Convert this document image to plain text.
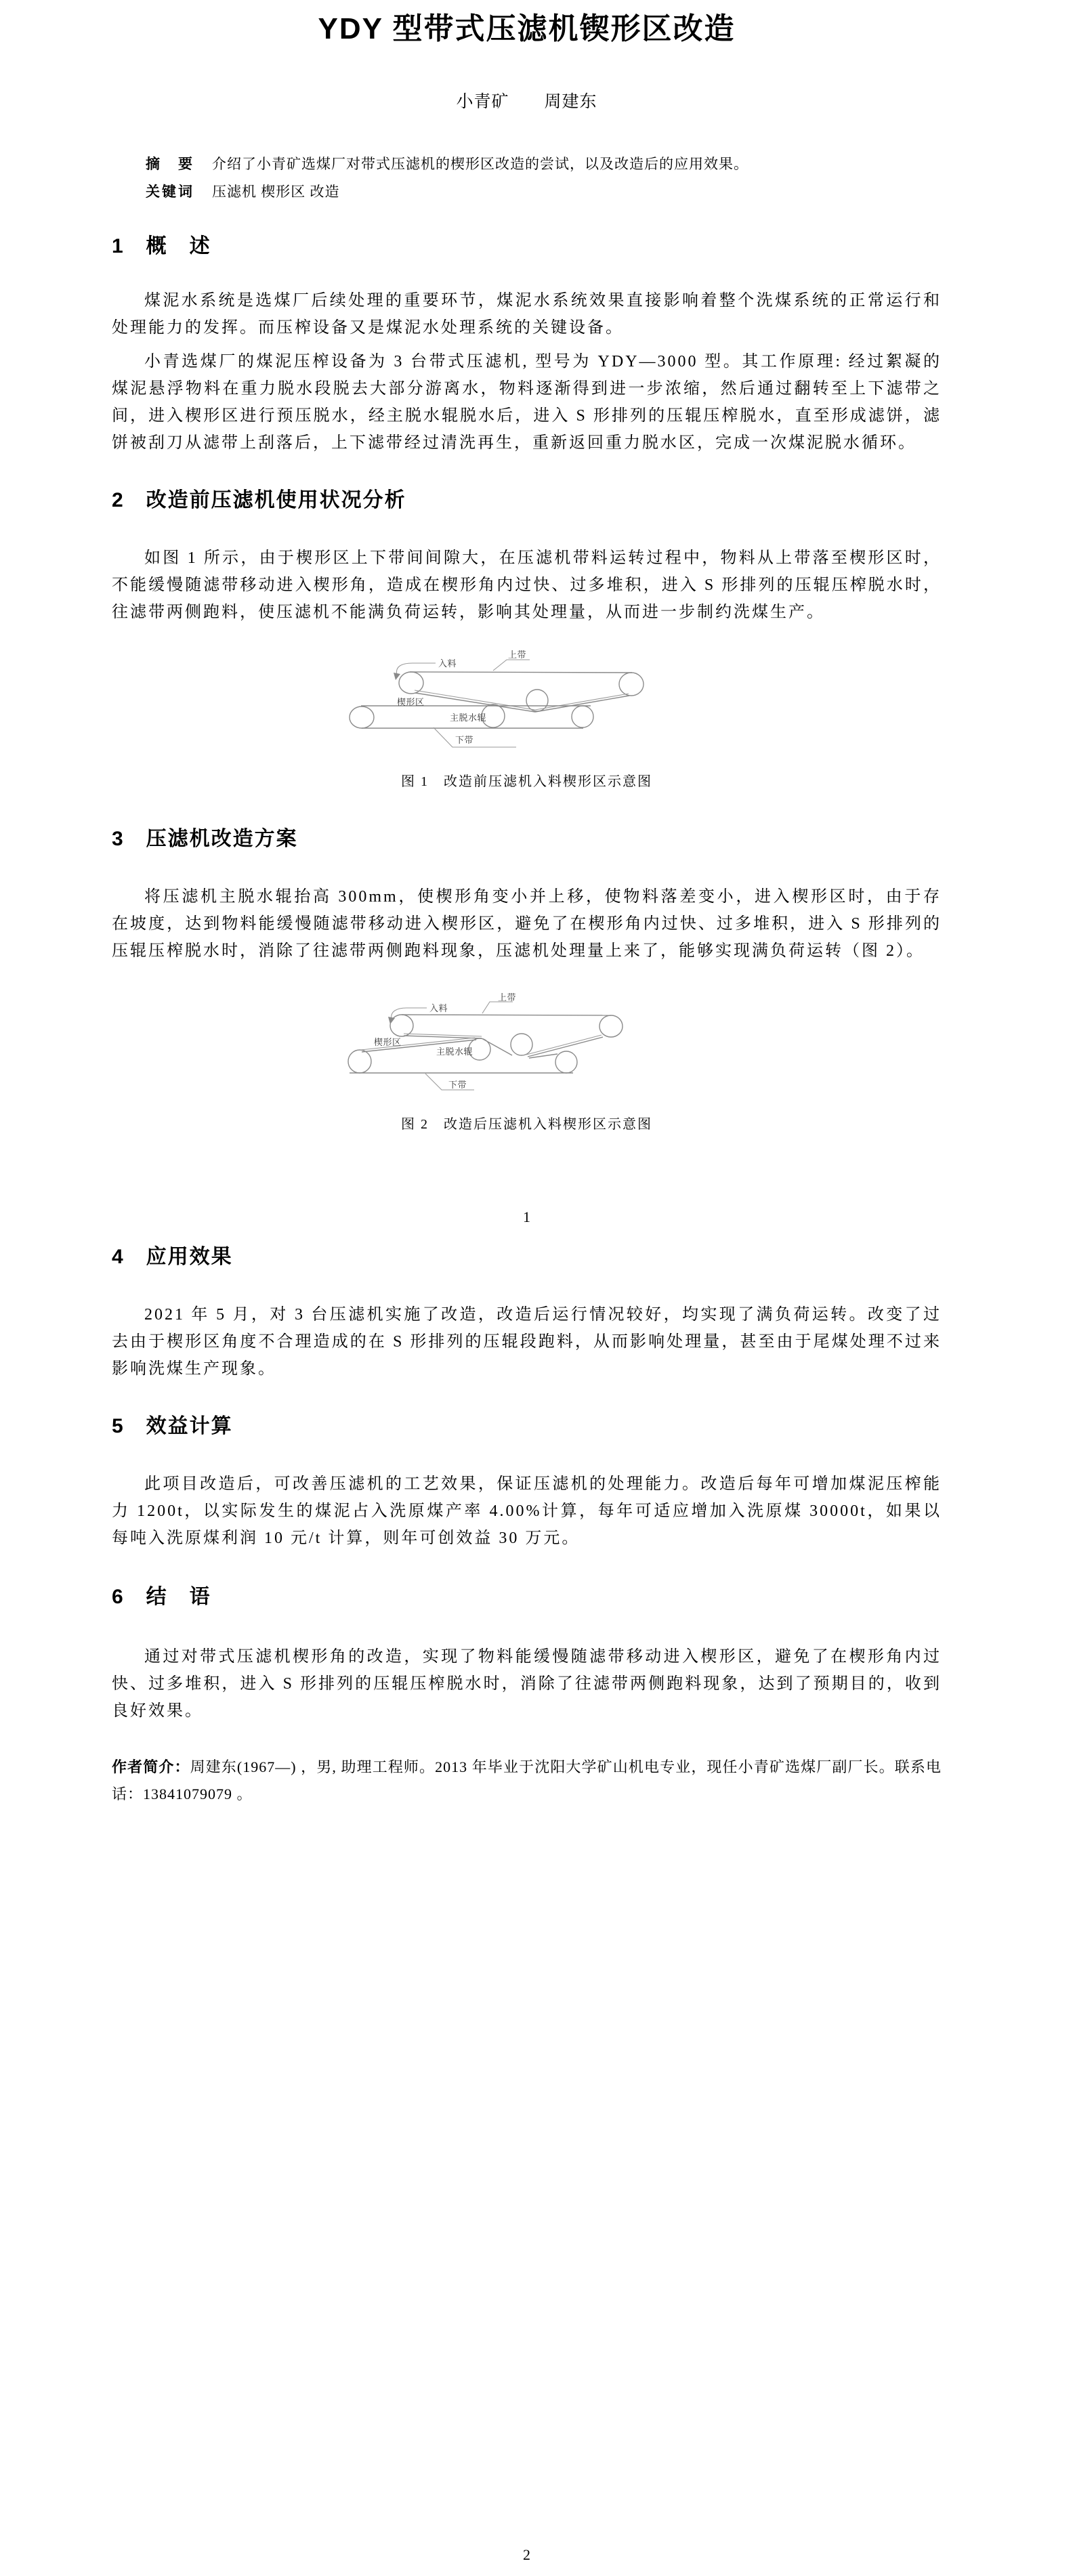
YDY 型带式压滤机锲形区改造
小青矿　　周建东
摘　要 介绍了小青矿选煤厂对带式压滤机的楔形区改造的尝试，以及改造后的应用效果。
关键词 压滤机 楔形区 改造
1　概　述

煤泥水系统是选煤厂后续处理的重要环节，煤泥水系统效果直接影响着整个洗煤系统的正常运行和处理能力的发挥。而压榨设备又是煤泥水处理系统的关键设备。

小青选煤厂的煤泥压榨设备为 3 台带式压滤机, 型号为 YDY—3000 型。其工作原理: 经过絮凝的煤泥悬浮物料在重力脱水段脱去大部分游离水，物料逐渐得到进一步浓缩，然后通过翻转至上下滤带之间，进入楔形区进行预压脱水，经主脱水辊脱水后，进入 S 形排列的压辊压榨脱水，直至形成滤饼，滤饼被刮刀从滤带上刮落后，上下滤带经过清洗再生，重新返回重力脱水区，完成一次煤泥脱水循环。

2　改造前压滤机使用状况分析

如图 1 所示，由于楔形区上下带间间隙大，在压滤机带料运转过程中，物料从上带落至楔形区时，不能缓慢随滤带移动进入楔形角，造成在楔形角内过快、过多堆积，进入 S 形排列的压辊压榨脱水时，往滤带两侧跑料，使压滤机不能满负荷运转，影响其处理量，从而进一步制约洗煤生产。

入料
上带
楔形区
主脱水辊
下带
图 1　改造前压滤机入料楔形区示意图
3　压滤机改造方案

将压滤机主脱水辊抬高 300mm，使楔形角变小并上移，使物料落差变小，进入楔形区时，由于存在坡度，达到物料能缓慢随滤带移动进入楔形区，避免了在楔形角内过快、过多堆积，进入 S 形排列的压辊压榨脱水时，消除了往滤带两侧跑料现象，压滤机处理量上来了，能够实现满负荷运转（图 2）。

入料
上带
楔形区
主脱水辊
下带
图 2　改造后压滤机入料楔形区示意图
1
4　应用效果

2021 年 5 月，对 3 台压滤机实施了改造，改造后运行情况较好，均实现了满负荷运转。改变了过去由于楔形区角度不合理造成的在 S 形排列的压辊段跑料，从而影响处理量，甚至由于尾煤处理不过来影响洗煤生产现象。

5　效益计算

此项目改造后，可改善压滤机的工艺效果，保证压滤机的处理能力。改造后每年可增加煤泥压榨能力 1200t，以实际发生的煤泥占入洗原煤产率 4.00%计算，每年可适应增加入洗原煤 30000t，如果以每吨入洗原煤利润 10 元/t 计算，则年可创效益 30 万元。

6　结　语

通过对带式压滤机楔形角的改造，实现了物料能缓慢随滤带移动进入楔形区，避免了在楔形角内过快、过多堆积，进入 S 形排列的压辊压榨脱水时，消除了往滤带两侧跑料现象，达到了预期目的，收到良好效果。

作者简介：周建东(1967—) ，男, 助理工程师。2013 年毕业于沈阳大学矿山机电专业，现任小青矿选煤厂副厂长。联系电话：13841079079 。

2
